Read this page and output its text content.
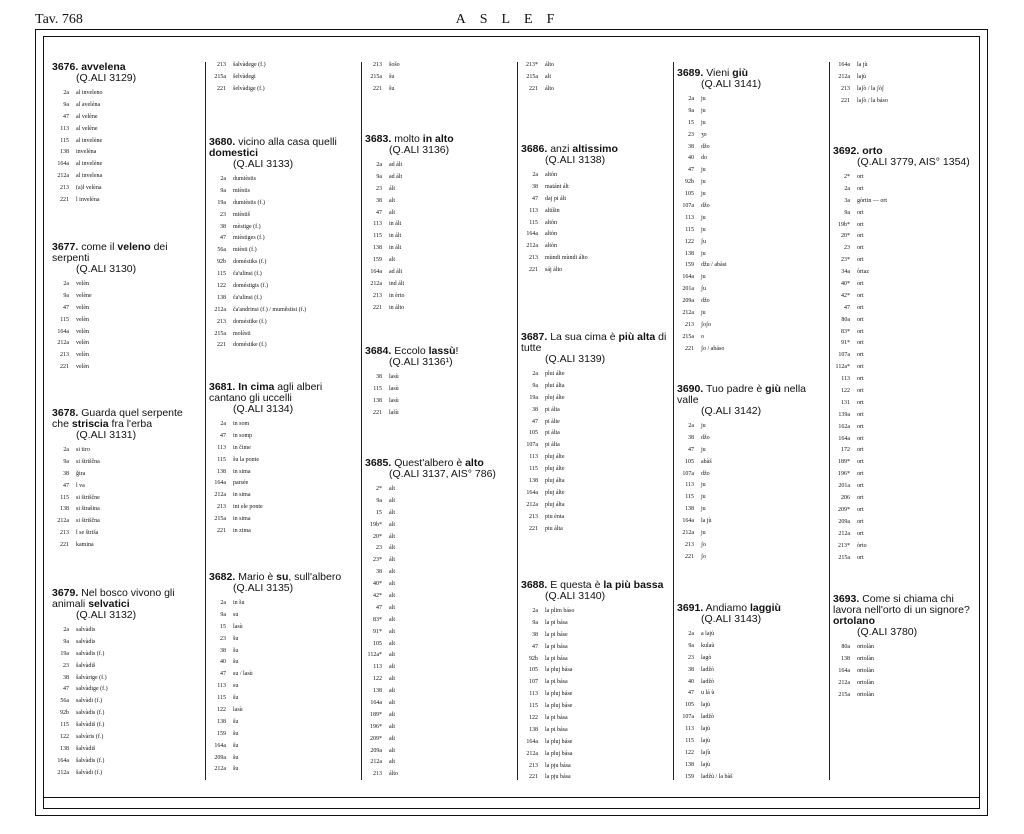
Tav. 768	ASLEF
3676. avvelena
(Q.ALI 3129)
2a al inveleno
9a al aveléna
47 al velène
113 al velène
115 al invelène
138 invelèna
164a al invelène
212a al invelena
213 (a)l velèna
221 l inveléna
3677. come il veleno dei serpenti
(Q.ALI 3130)
2a velèn
9a velène
47 velèn
115 velèn
164a velèn
212a velèn
213 velèn
221 velèn
3678. Guarda quel serpente che striscia fra l'erba
(Q.ALI 3131)
2a si tiro
9a si štriščna
38 ğira
47 l va
115 si štriščne
138 si štrašina
212a si štriščna
213 l se štriša
221 kamina
3679. Nel bosco vivono gli animali selvatici
(Q.ALI 3132)
2a salvàdis
9a salvàdis
19a salvàdis (f.)
23 šalvàdiš
38 šalvàrige (f.)
47 salvàdige (f.)
56a salvàdi (f.)
92b salvàdis (f.)
115 šalvàdiš (f.)
122 salvàris (f.)
138 šalvàdiš
164a šalvàdis (f.)
212a šalvàdi (f.)
213 šalvàdege (f.)
215a šelvàdegi
221 šelvàdige (f.)
3680. vicino alla casa quelli domestici
(Q.ALI 3133)
2a dumièstis
9a mièstis
19a dumièstis (f.)
23 mièstiš
38 mèstige (f.)
47 mièstiges (f.)
56a mièsti (f.)
92b doméstiks (f.)
115 ča'ulinsi (f.)
122 doméstigis (f.)
138 ča'ulinsi (f.)
212a ča'andrinsi (f.) / muměstisi (f.)
213 doméstike (f.)
215a molèsti
221 doméstike (f.)
3681. In cima agli alberi cantano gli uccelli
(Q.ALI 3134)
2a in som
47 in somp
113 in čime
115 šu la ponte
138 in sima
164a parsée
212a in sima
213 int ele ponte
215a in sima
221 in zima
3682. Mario è su, sull'albero
(Q.ALI 3135)
2a in šu
9a su
15 lasù
23 šu
38 šu
40 šu
47 su / lasù
113 su
115 šu
122 lasù
138 šu
159 šu
164a šu
209a šu
212a šu
213 šošo
215a šu
221 šu
3683. molto in alto
(Q.ALI 3136)
2a ad ált
9a ad ált
23 ált
38 alt
47 alt
113 in ált
115 in ált
138 in ált
159 alt
164a ad ált
212a ind ált
213 in èrto
221 in álto
3684. Eccolo lassù!
(Q.ALI 3136¹)
38 lasù
115 lasù
138 lasù
221 lašù
3685. Quest'albero è alto
(Q.ALI 3137, AIS° 786)
2* alt
9a alt
15 ált
19b* alt
20* ált
23 ált
23* ált
38 alt
40* alt
42* alt
47 alt
83* alt
91* alt
105 alt
112a* alt
113 alt
122 alt
138 alt
164a alt
189* alt
196* alt
209* alt
209a alt
212a alt
213 álto
213* álto
215a alt
221 álto
3686. anzi altissimo
(Q.ALI 3138)
2a altòn
38 matánt ált
47 daj pi ált
113 altíšin
115 altòn
164a altòn
212a altòn
213 mùndi mùndi álto
221 sáj álto
3687. La sua cima è più alta di tutte
(Q.ALI 3139)
2a plui álte
9a plui álta
19a pluj álte
38 pi álta
47 pi álte
105 pi álta
107a pi álta
113 pluj álte
115 pluj álte
138 pluj álta
164a pluj álte
212a pluj álta
213 piu ènta
221 piu álta
3688. E questa è la più bassa
(Q.ALI 3140)
2a la plim báso
9a la pi bása
38 la pi báse
47 la pi bása
92b la pi bása
105 la pluj bása
107 la pi bása
113 la pluj báse
115 la pluj báse
122 la pi bása
138 la pi bása
164a la pluj báse
212a la pluj bása
213 la pju bása
221 la pju bása
3689. Vieni giù
(Q.ALI 3141)
2a ju
9a ju
15 ju
23 ʒo
38 ǆo
40 do
47 ju
92b ju
105 ju
107a ǆo
113 ju
115 ju
122 ʃu
138 ju
159 ǆu / abàsi
164a ju
201a ʃu
209a ǆo
212a ju
213 ʃoʃo
215a o
221 ʃo / abáso
3690. Tuo padre è giù nella valle
(Q.ALI 3142)
2a ju
38 ǆo
47 ju
105 abàš
107a ǆo
113 ju
115 ju
138 ju
164a la jù
212a ju
213 ʃo
221 ʃo
3691. Andiamo laggiù
(Q.ALI 3143)
2a a lajù
9a kulaù
23 lagò
38 laǆò
40 laǆò
47 u lá ù
105 lajù
107a laǆò
113 lajù
115 lajù
122 laʃù
138 lajù
159 laǆù / la bàš
164a la jù
212a lajù
213 laʃò / la ʃòʃ
221 laʃò / la báso
3692. orto
(Q.ALI 3779, AIS° 1354)
2* ort
2a ort
3a gòrtin — ort
9a ort
19b* ort
20* ort
23 ort
23* ort
34a òrtaz
40* ort
42* ort
47 ort
80a ort
83* ort
91* ort
107a ort
112a* ort
113 ort
122 ort
131 ort
139a ort
162a ort
164a ort
172 ort
189* ort
196* ort
201a ort
206 ort
209* ort
209a ort
212a ort
213* òrto
215a ort
3693. Come si chiama chi lavora nell'orto di un signore? ortolano
(Q.ALI 3780)
80a ortolàn
138 ortolàn
164a ortolàn
212a ortolàn
215a ortolàn
